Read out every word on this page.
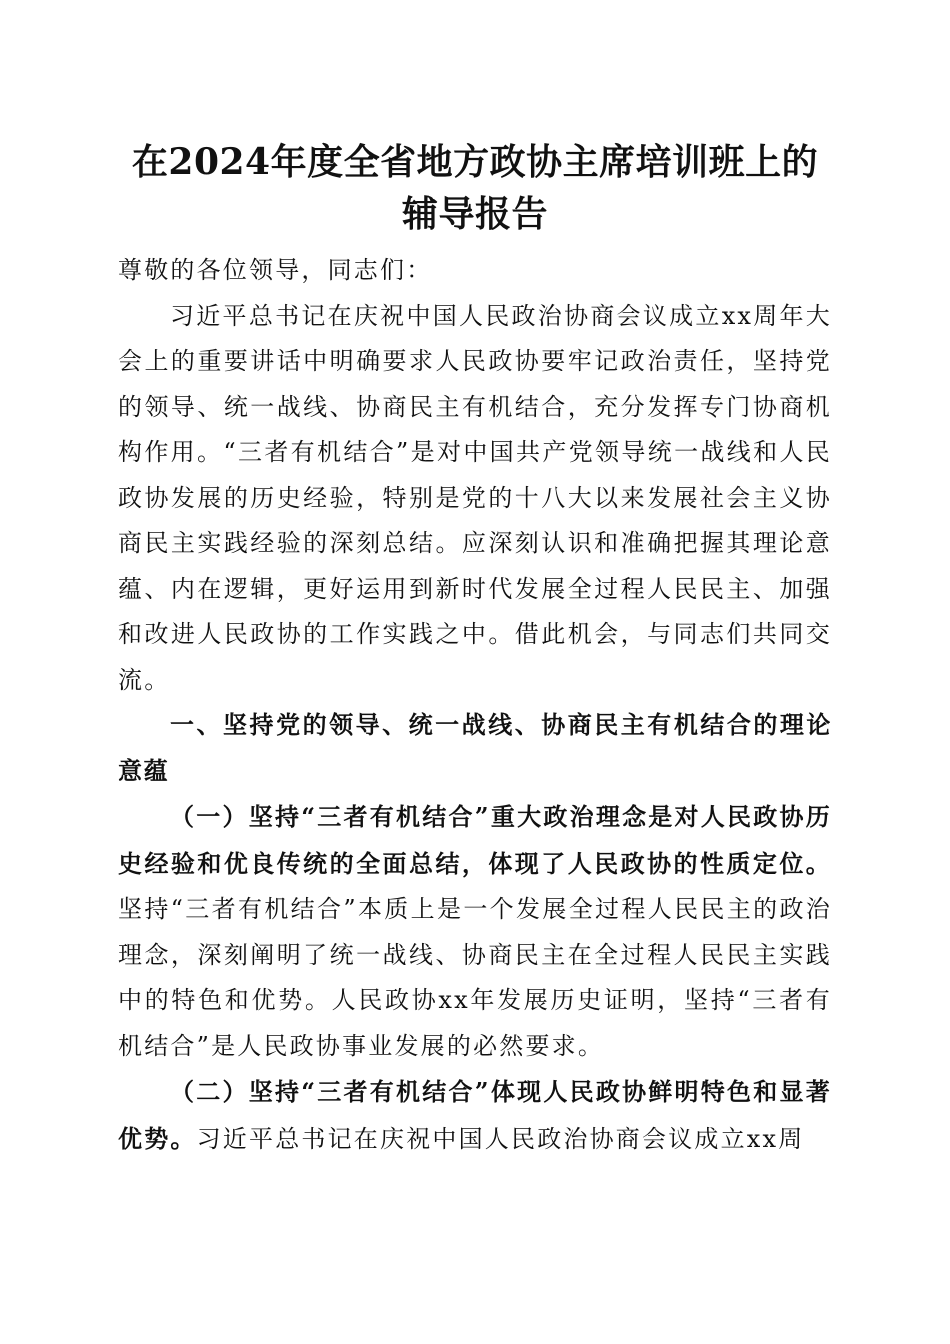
在2024年度全省地方政协主席培训班上的辅导报告

尊敬的各位领导，同志们：

习近平总书记在庆祝中国人民政治协商会议成立xx周年大会上的重要讲话中明确要求人民政协要牢记政治责任，坚持党的领导、统一战线、协商民主有机结合，充分发挥专门协商机构作用。“三者有机结合”是对中国共产党领导统一战线和人民政协发展的历史经验，特别是党的十八大以来发展社会主义协商民主实践经验的深刻总结。应深刻认识和准确把握其理论意蕴、内在逻辑，更好运用到新时代发展全过程人民民主、加强和改进人民政协的工作实践之中。借此机会，与同志们共同交流。

一、坚持党的领导、统一战线、协商民主有机结合的理论意蕴

（一）坚持“三者有机结合”重大政治理念是对人民政协历史经验和优良传统的全面总结，体现了人民政协的性质定位。坚持“三者有机结合”本质上是一个发展全过程人民民主的政治理念，深刻阐明了统一战线、协商民主在全过程人民民主实践中的特色和优势。人民政协xx年发展历史证明，坚持“三者有机结合”是人民政协事业发展的必然要求。

（二）坚持“三者有机结合”体现人民政协鲜明特色和显著优势。习近平总书记在庆祝中国人民政治协商会议成立xx周
